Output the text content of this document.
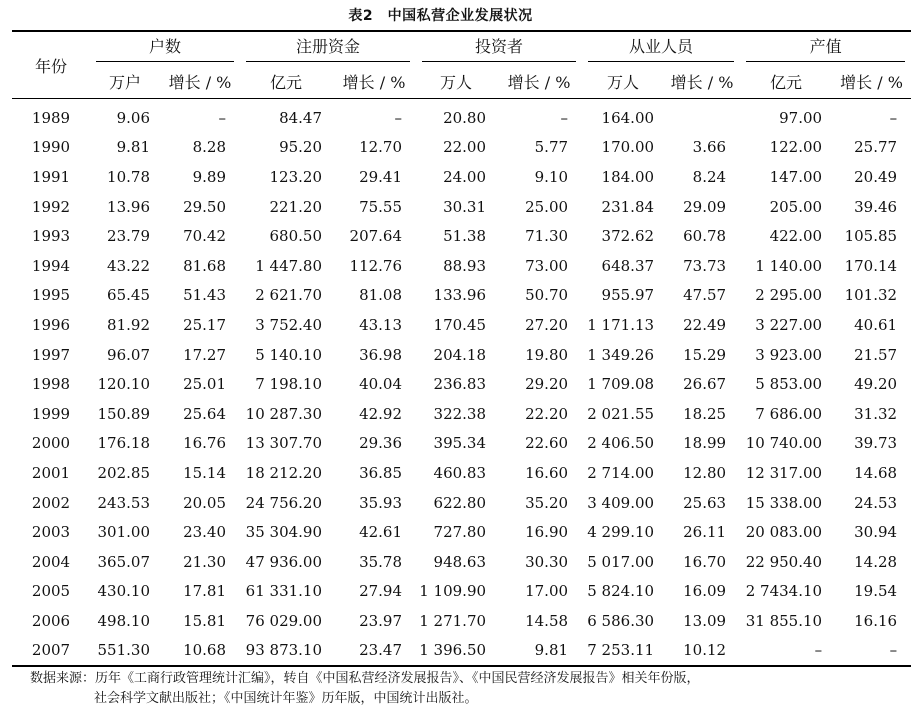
表2　中国私营企业发展状况
年份	户数		注册资金		投资者		从业人员		产值	

	万户	增长 / %	亿元	增长 / %	万人	增长 / %	万人	增长 / %	亿元	增长 / %
1989	9.06	–	84.47	–	20.80	–	164.00		97.00	–
1990	9.81	8.28	95.20	12.70	22.00	5.77	170.00	3.66	122.00	25.77
1991	10.78	9.89	123.20	29.41	24.00	9.10	184.00	8.24	147.00	20.49
1992	13.96	29.50	221.20	75.55	30.31	25.00	231.84	29.09	205.00	39.46
1993	23.79	70.42	680.50	207.64	51.38	71.30	372.62	60.78	422.00	105.85
1994	43.22	81.68	1 447.80	112.76	88.93	73.00	648.37	73.73	1 140.00	170.14
1995	65.45	51.43	2 621.70	81.08	133.96	50.70	955.97	47.57	2 295.00	101.32
1996	81.92	25.17	3 752.40	43.13	170.45	27.20	1 171.13	22.49	3 227.00	40.61
1997	96.07	17.27	5 140.10	36.98	204.18	19.80	1 349.26	15.29	3 923.00	21.57
1998	120.10	25.01	7 198.10	40.04	236.83	29.20	1 709.08	26.67	5 853.00	49.20
1999	150.89	25.64	10 287.30	42.92	322.38	22.20	2 021.55	18.25	7 686.00	31.32
2000	176.18	16.76	13 307.70	29.36	395.34	22.60	2 406.50	18.99	10 740.00	39.73
2001	202.85	15.14	18 212.20	36.85	460.83	16.60	2 714.00	12.80	12 317.00	14.68
2002	243.53	20.05	24 756.20	35.93	622.80	35.20	3 409.00	25.63	15 338.00	24.53
2003	301.00	23.40	35 304.90	42.61	727.80	16.90	4 299.10	26.11	20 083.00	30.94
2004	365.07	21.30	47 936.00	35.78	948.63	30.30	5 017.00	16.70	22 950.40	14.28
2005	430.10	17.81	61 331.10	27.94	1 109.90	17.00	5 824.10	16.09	2 7434.10	19.54
2006	498.10	15.81	76 029.00	23.97	1 271.70	14.58	6 586.30	13.09	31 855.10	16.16
2007	551.30	10.68	93 873.10	23.47	1 396.50	9.81	7 253.11	10.12	–	–
数据来源：历年《工商行政管理统计汇编》，转自《中国私营经济发展报告》、《中国民营经济发展报告》相关年份版，
社会科学文献出版社；《中国统计年鉴》历年版，中国统计出版社。
